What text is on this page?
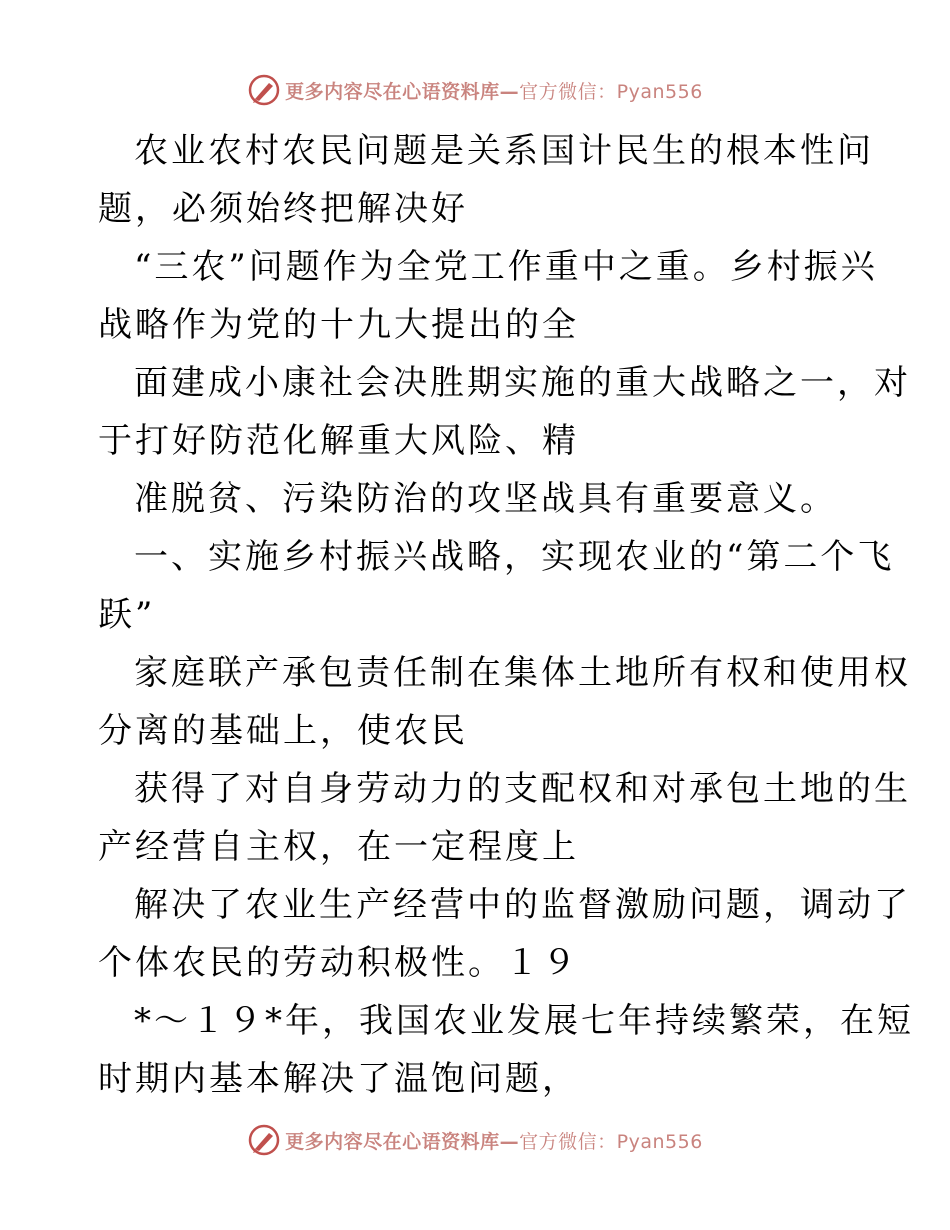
更多内容尽在心语资料库—官方微信：Pyan556
农业农村农民问题是关系国计民生的根本性问
题，必须始终把解决好
“三农”问题作为全党工作重中之重。乡村振兴
战略作为党的十九大提出的全
面建成小康社会决胜期实施的重大战略之一，对
于打好防范化解重大风险、精
准脱贫、污染防治的攻坚战具有重要意义。
一、实施乡村振兴战略，实现农业的“第二个飞
跃”
家庭联产承包责任制在集体土地所有权和使用权
分离的基础上，使农民
获得了对自身劳动力的支配权和对承包土地的生
产经营自主权，在一定程度上
解决了农业生产经营中的监督激励问题，调动了
个体农民的劳动积极性。１９
*～１９*年，我国农业发展七年持续繁荣，在短
时期内基本解决了温饱问题，
更多内容尽在心语资料库—官方微信：Pyan556
